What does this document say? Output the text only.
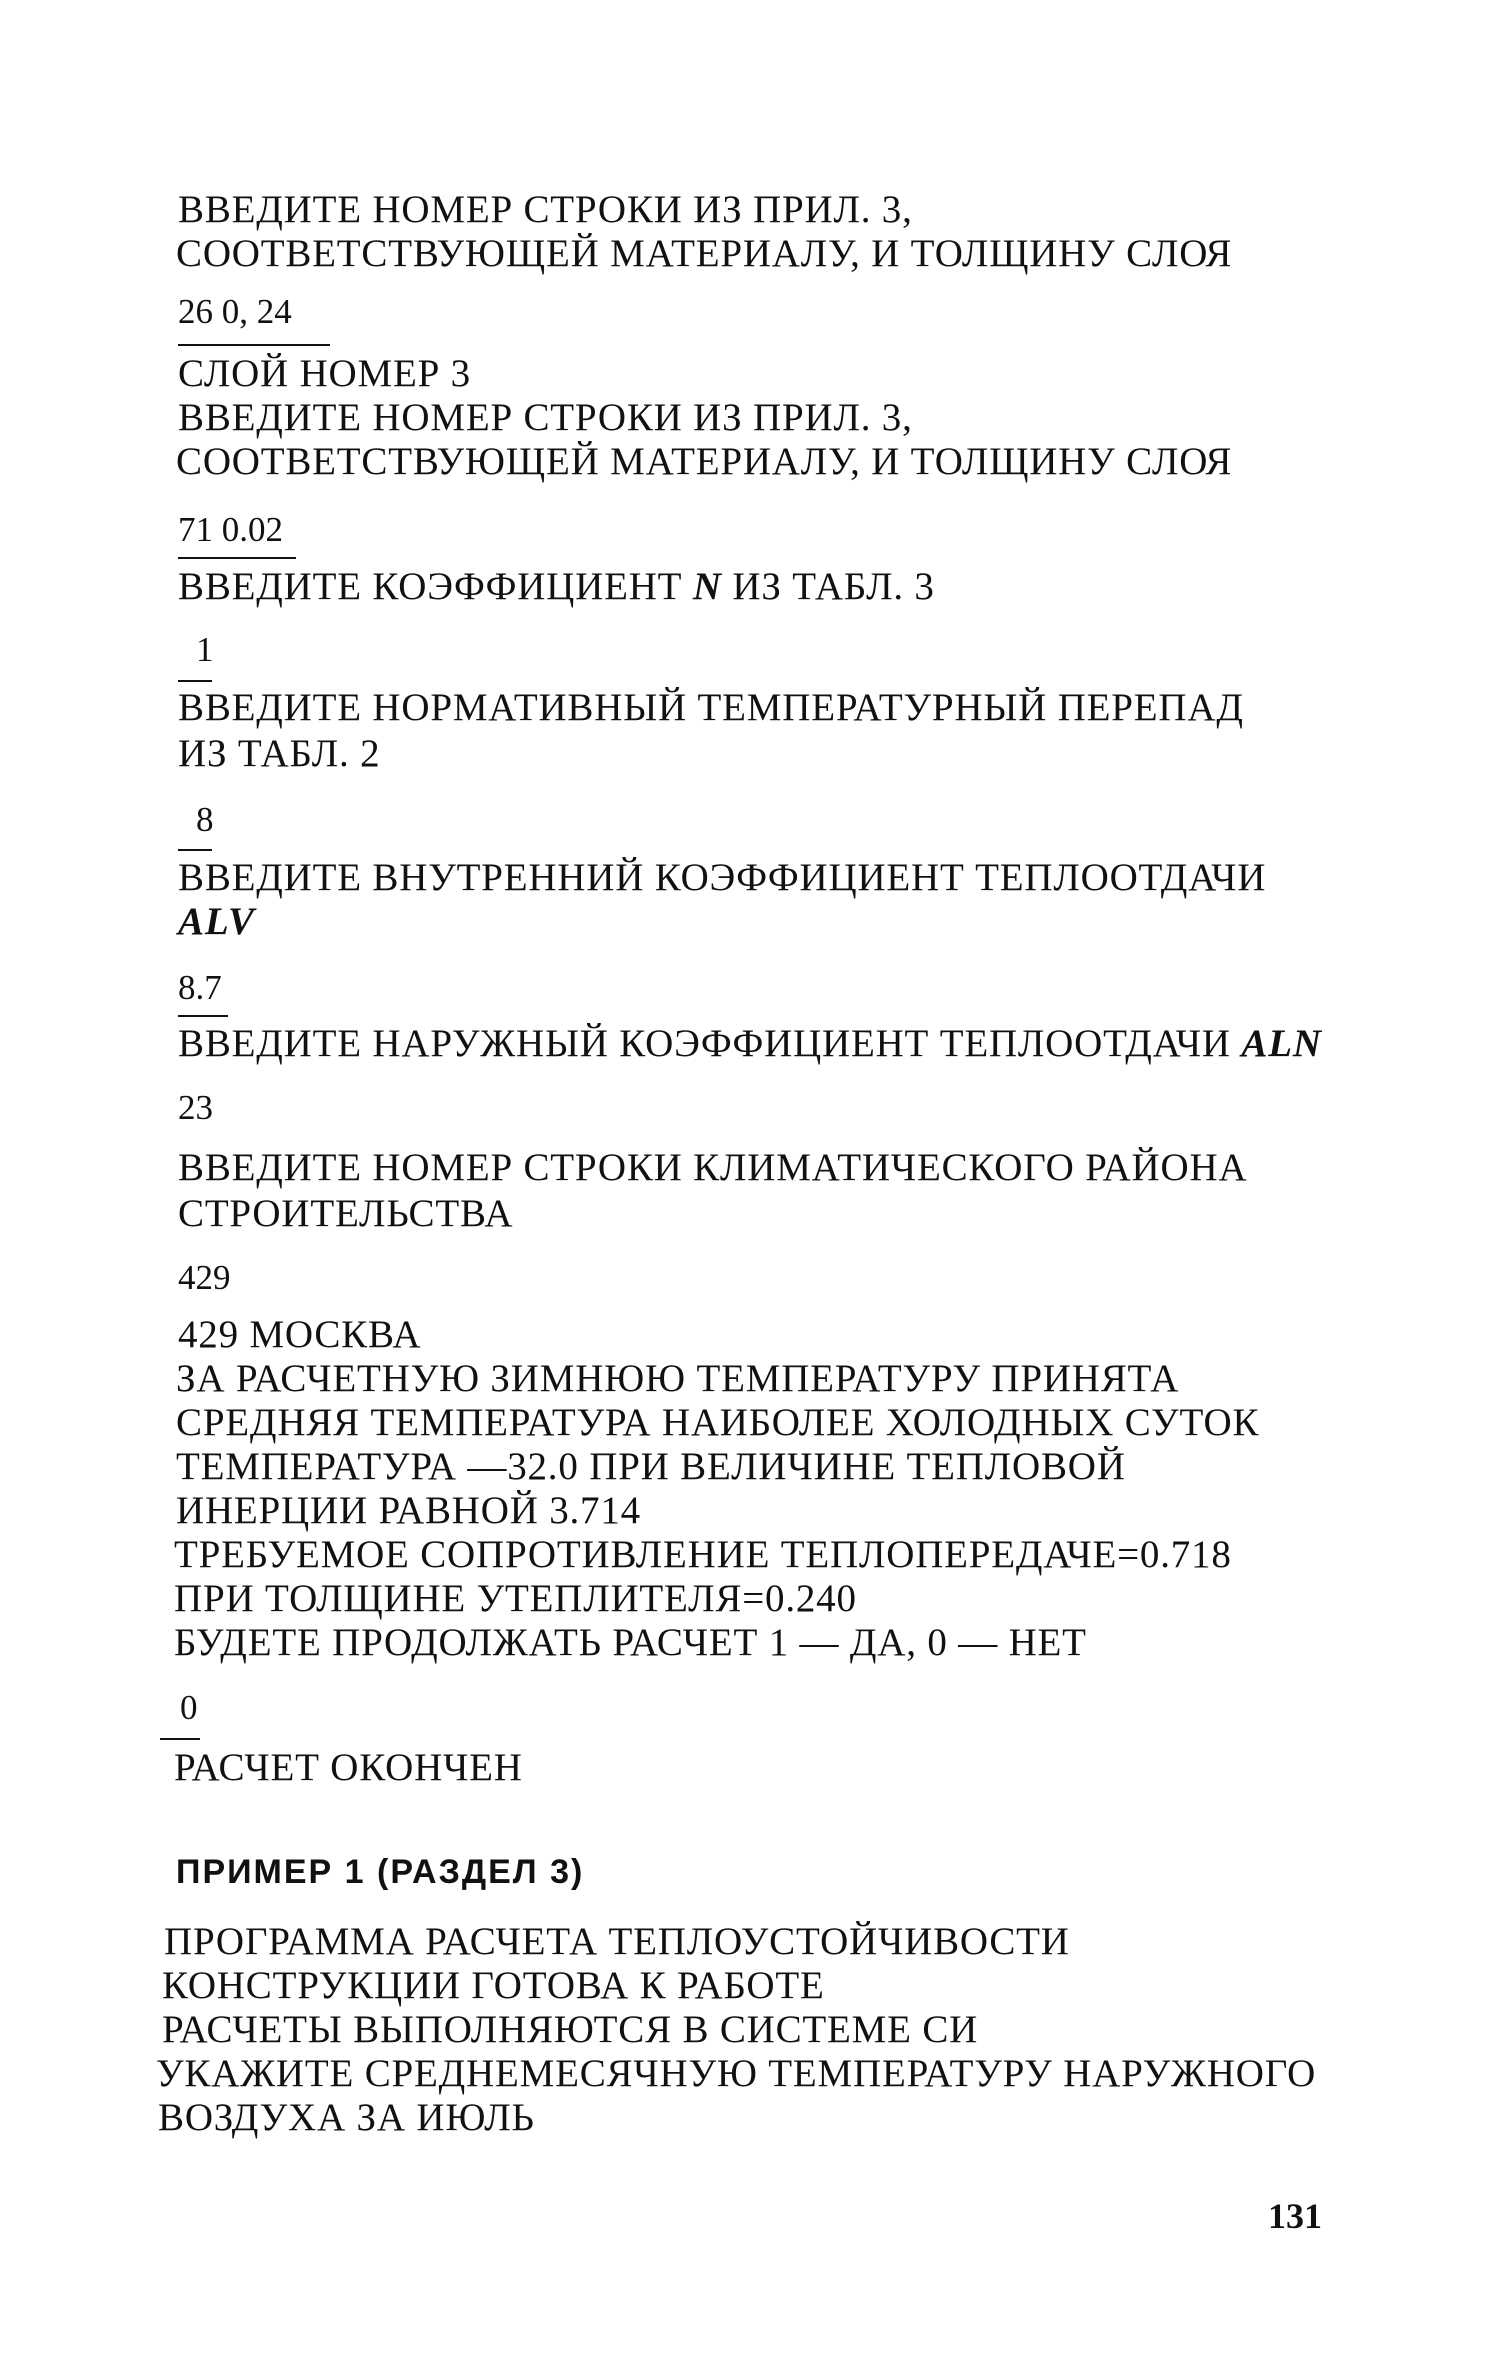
ВВЕДИТЕ НОМЕР СТРОКИ ИЗ ПРИЛ. 3,
СООТВЕТСТВУЮЩЕЙ МАТЕРИАЛУ, И ТОЛЩИНУ СЛОЯ
26 0, 24
СЛОЙ НОМЕР 3
ВВЕДИТЕ НОМЕР СТРОКИ ИЗ ПРИЛ. 3,
СООТВЕТСТВУЮЩЕЙ МАТЕРИАЛУ, И ТОЛЩИНУ СЛОЯ
71 0.02
ВВЕДИТЕ КОЭФФИЦИЕНТ N ИЗ ТАБЛ. 3
1
ВВЕДИТЕ НОРМАТИВНЫЙ ТЕМПЕРАТУРНЫЙ ПЕРЕПАД
ИЗ ТАБЛ. 2
8
ВВЕДИТЕ ВНУТРЕННИЙ КОЭФФИЦИЕНТ ТЕПЛООТДАЧИ
ALV
8.7
ВВЕДИТЕ НАРУЖНЫЙ КОЭФФИЦИЕНТ ТЕПЛООТДАЧИ ALN
23
ВВЕДИТЕ НОМЕР СТРОКИ КЛИМАТИЧЕСКОГО РАЙОНА
СТРОИТЕЛЬСТВА
429
429 МОСКВА
ЗА РАСЧЕТНУЮ ЗИМНЮЮ ТЕМПЕРАТУРУ ПРИНЯТА
СРЕДНЯЯ ТЕМПЕРАТУРА НАИБОЛЕЕ ХОЛОДНЫХ СУТОК
ТЕМПЕРАТУРА —32.0 ПРИ ВЕЛИЧИНЕ ТЕПЛОВОЙ
ИНЕРЦИИ РАВНОЙ 3.714
ТРЕБУЕМОЕ СОПРОТИВЛЕНИЕ ТЕПЛОПЕРЕДАЧЕ=0.718
ПРИ ТОЛЩИНЕ УТЕПЛИТЕЛЯ=0.240
БУДЕТЕ ПРОДОЛЖАТЬ РАСЧЕТ 1 — ДА, 0 — НЕТ
0
РАСЧЕТ ОКОНЧЕН
ПРИМЕР 1 (РАЗДЕЛ 3)
ПРОГРАММА РАСЧЕТА ТЕПЛОУСТОЙЧИВОСТИ
КОНСТРУКЦИИ ГОТОВА К РАБОТЕ
РАСЧЕТЫ ВЫПОЛНЯЮТСЯ В СИСТЕМЕ СИ
УКАЖИТЕ СРЕДНЕМЕСЯЧНУЮ ТЕМПЕРАТУРУ НАРУЖНОГО
ВОЗДУХА ЗА ИЮЛЬ
131
